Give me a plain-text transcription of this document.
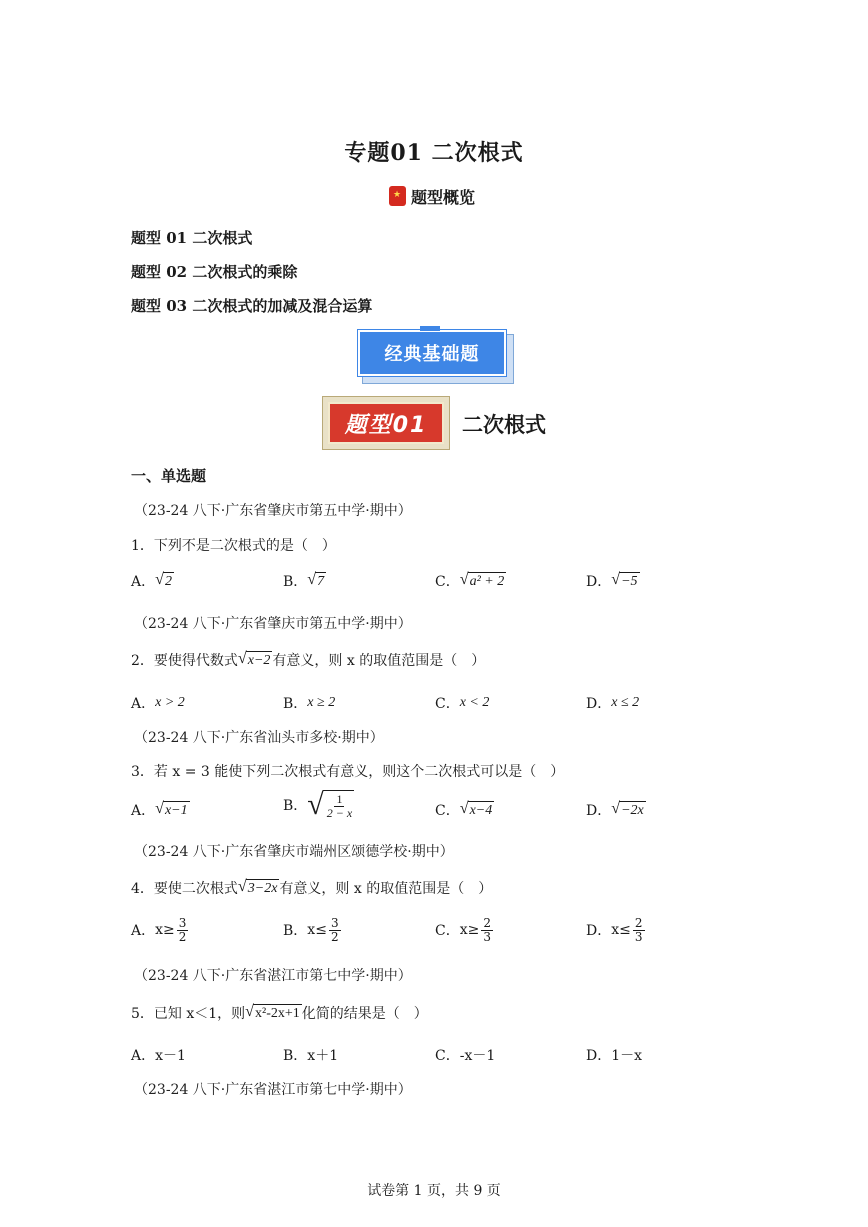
专题01 二次根式
★
题型概览
题型 01 二次根式
题型 02 二次根式的乘除
题型 03 二次根式的加减及混合运算
经典基础题
题型01 二次根式
一、单选题
（23-24 八下·广东省肇庆市第五中学·期中）
1．下列不是二次根式的是（　）
A． √ 2	B． √ 7	C． √ a² + 2	D． √ −5
（23-24 八下·广东省肇庆市第五中学·期中）
2．要使得代数式 √ x−2 有意义，则 x 的取值范围是（　）
A． x > 2	B． x ≥ 2	C． x < 2	D． x ≤ 2
（23-24 八下·广东省汕头市多校·期中）
3．若 x = 3 能使下列二次根式有意义，则这个二次根式可以是（　）
A． √ x−1	B． √ $\frac{1}{2 - x}$	C． √ x−4	D． √ −2x
（23-24 八下·广东省肇庆市端州区颂德学校·期中）
4．要使二次根式 √ 3−2x 有意义，则 x 的取值范围是（　）
A． $x\ge \frac{3}{2}$	B． $x\le \frac{3}{2}$	C． $x\ge \frac{2}{3}$	D． $x\le \frac{2}{3}$
（23-24 八下·广东省湛江市第七中学·期中）
5．已知 x＜1，则 √ x²-2x+1 化简的结果是（　）
A． x－1	B． x＋1	C． -x－1	D． 1－x
（23-24 八下·广东省湛江市第七中学·期中）
试卷第 1 页，共 9 页
